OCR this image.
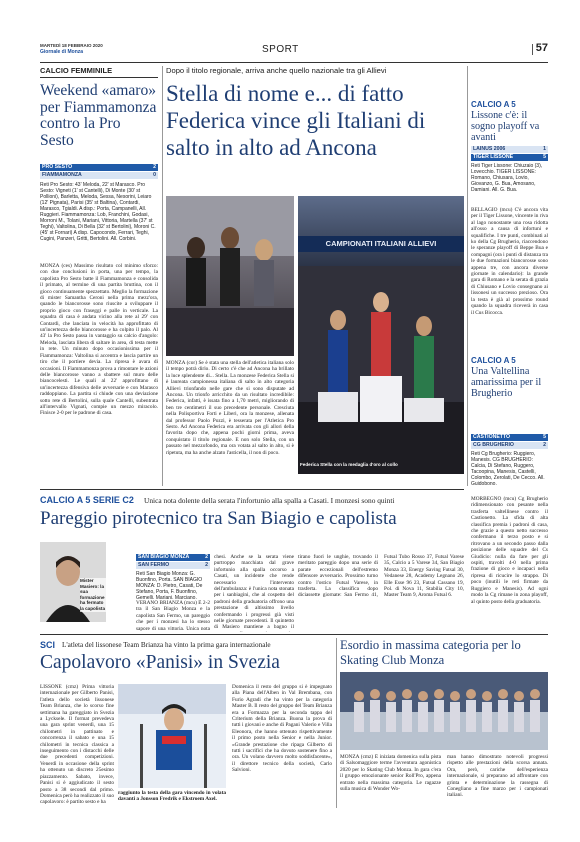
MARTEDÌ 18 FEBBRAIO 2020
Giornale di Monza	SPORT	57
CALCIO FEMMINILE
Weekend «amaro» per Fiammamonza contro la Pro Sesto
PRO SESTO	2
FIAMMAMONZA	0
Reti Pro Sesto: 43' Meloda, 22' st Marasco. Pro Sesto: Vigneti (1' st Cantelli), Di Monte (30' st Pollioni), Barletta, Meloda, Sessa, Nesorini, Leiaro (12' Pignata), Parisi (35' st Baltina), Contardi, Marasco, Tgialdi. A disp.: Porta, Campanelli, All. Ruggieri. Fiammamonza: Lob, Franchini, Godasi, Morroni M., Tolani, Mariani, Vittoria, Martella (37' st Teghi), Valtolina, Di Bella (32' st Bertolini), Moroni C. (45' st Fornari) A disp. Capocondo, Ferrari, Teghi, Cugini, Panzeri, Gritti, Bertolini. All. Corbini.
MONZA (ces) Massimo risultato col minimo sforzo: con due conclusioni in porta, una per tempo, la capolista Pro Sesto batte il Fiammamonza e consolida il primato, al termine di una partita bruttina, con il gioco continuamente spezzettato. Meglio la formazione di mister Samantha Ceroni nella prima mezz'ora, quando le biancorosse sono riuscite a sviluppare il proprio gioco con fraseggi e palle in verticale. La squadra di casa è andata vicino alla rete al 29' con Contardi, che lanciata in velocità ha approfittato di un'incertezza delle biancorosse e ha colpito il palo. Al 43' la Pro Sesto passa in vantaggio su calcio d'angolo: Meloda, lasciata libera di saltare in area, di testa mette in rete. Un minuto dopo occasionissima per il Fiammamonza: Valtolina si accentra e lascia partire un tiro che il portiere devia. La ripresa è avara di occasioni. Il Fiammamonza prova a rimontare le azioni delle biancorosse vanno a sbattere sul muro delle biancocelesti. Le quali al 22' approfittano di un'incertezza difensiva delle avversarie e con Marasco raddoppiano. La partita si chiude con una deviazione sotto rete di Bertolini, sulla quale Cantelli, subentrata all'intervallo Vignati, compie un mezzo miracolo. Finisce 2-0 per le padrone di casa.
Dopo il titolo regionale, arriva anche quello nazionale tra gli Allievi
Stella di nome e... di fatto Federica vince gli Italiani di salto in alto ad Ancona
CAMPIONATI ITALIANI ALLIEVI
Federica Stella con la medaglia d'oro al collo
MONZA (cor) Se è stata una stella dell'atletica italiana solo il tempo potrà dirlo. Di certo c'è che ad Ancona ha brillato la luce splendente di... Stella. La monzese Federica Stella si è laureata campionessa italiana di salto in alto categoria Allievi trionfando nelle gare che si sono disputate ad Ancona. Un trionfo arricchito da un risultato incredibile: Federica, infatti, è issata fino a 1,70 metri, migliorando di ben tre centimetri il suo precedente personale. Cresciuta nella Polisportiva Forti e Liberi, ora la monzese, allenata dal professor Paolo Pozzi, è tesserata per l'Atletica Pro Sesto. Ad Ancona Federica era arrivata con gli allori della favorita dopo che, appena pochi giorni prima, aveva conquistato il titolo regionale. E non solo Stella, con un passato nel mezzofondo, ma ora votata al salto in alto, si è ripetuta, ma ha anche alzato l'asticella, il non di poco.
CALCIO A 5
Lissone c'è: il sogno playoff va avanti
LAINUS 2006	1
TIGER LISSONE	5
Reti Tiger Lissone: Chiuzaio (3), Lovecchio. TIGER LISSONE: Romano, Chiusara, Lovio, Giovanzo, G. Bua, Amosano, Damiani. All. G. Bua.
BELLAGIO (mcu) C'è ancora vita per il Tiger Lissone, vincente in riva al lago nonostante una rosa ridotta all'osso a causa di infortuni e squalifiche. I tre punti, combinati al ko della Cg Brugherio, riaccendono le speranze playoff di Beppe Bua e compagni (ora i punti di distanza tra le due formazioni biancorosse sono appena tre, con ancora diverse giornate in calendario): la grande gara di Romano e la serata di grazia di Chiusano e Lovio consegnano ai lissonesi un successo prezioso. Ora la testa è già al prossimo round quando la squadra riceverà in casa il Cus Bicocca.
CALCIO A 5
Una Valtellina amarissima per il Brugherio
CASTIONETTO	5
CG BRUGHERIO	2
Reti Cg Brugherio: Ruggiero, Manesis. CG BRUGHERIO: Calcia, Di Stefano, Ruggero, Tacoopina, Manesis, Castelli, Colombo, Zerolati, De Cecco. All. Guidobono.
MORBEGNO (mcu) Cg Brugherio ridimensionato con pesante nella trasferta valtellinese contro il Castionetto. La sfida di alta classifica premia i padroni di casa, che grazie a questo netto successo confermano il terzo posto e si ritrovano a un secondo passo dalla posizione delle squadre del Cs Giudicio: nulla da fare per gli ospiti, travolti 4-0 nella prima frazione di gioco e incapaci nella ripresa di ricucire lo strappo. Di poco (inutili le reti firmate da Ruggiero e Manesis). Ad ogni modo la Cg rimane in zona playoff, al quinto posto della graduatoria.
CALCIO A 5 SERIE C2 Unica nota dolente della serata l'infortunio alla spalla a Casati. I monzesi sono quinti
Pareggio pirotecnico tra San Biagio e capolista
Mister Masiero: la sua formazione ha fermato la capolista
SAN BIAGIO MONZA	2
SAN FERMO	2
Reti San Biagio Monza: G. Buonfino, Porta. SAN BIAGIO MONZA: D. Pietro, Casati, De Stefano, Porta, F. Buonfino, Gemelli, Mariani, Marciano,
VERANO BRIANZA (mcu) È 2-2 tra il San Biagio Monza e la capolista San Fermo, un pareggio che per i monzesi ha lo stesso sapore di una vittoria. Unica nota
chesi. Anche se la serata viene purtroppo macchiata dal grave infortunio alla spalla occorso a Casati, un incidente che rende necessario l'intervento dell'ambulanza: è l'unica nota stonata per i sanbiagini, che al cospetto del padroni della graduatoria offrono una prestazione di altissimo livello confermando i progressi già visti nelle giornate precedenti. Il quintetto di Masiero mantiene a bagno il
tirano fuori le unghie, trovando il meritato pareggio dopo una serie di parate eccezionali dell'estremo difensore avversario. Prossimo turno contro l'ostico Futsal Varese, in trasferta. La classifica dopo diciassette giornate: San Fermo 41, Futsal Tubo Rosso 37, Futsal Varese 35, Calcio a 5 Varese 34, San Biagio Monza 33, Energy Saving Futsal 30, Vedanese 28, Academy Legnano 26, Elle Esse 96 23, Futsal Cassano 19, Pol. di Nova 11, Stabilia City 10, Master Team 9, Aroma Futsal 6.
SCI L'atleta del lissonese Team Brianza ha vinto la prima gara internazionale
Capolavoro «Panisi» in Svezia
LISSONE (cmz) Prima vittoria internazionale per Gilberto Panisi, l'atleta dello società lissonese Team Brianza, che lo scorso fine settimana ha gareggiato in Svezia a Lycksele. Il format prevedeva una gara sprint venerdì, una 15 chilometri in pattinato e concorrenza il sabato e una 15 chilometri in tecnica classica a inseguimento con i distacchi delle due precedenti competizioni. Venerdì in occasione della sprint ha ottenuto un discreto 25esimo piazzamento. Sabato, invece, Panisi si è aggiudicato il sesto posto a 38 secondi dal primo. Domenica però ha realizzato il suo capolavoro: è partito sesto e ha
raggiunto la testa della gara vincendo in volata davanti a Jonsson Fredrik e Ekstroem Axel.
Domenica il resto del gruppo si è impegnato alla Piana dell'Alben in Val Brembana, con Furio Agradi che ha vinto per la categoria Master B. Il resto del gruppo del Team Brianza era a Formazza per la seconda tappa del Criterium della Brianza. Buona la prova di tutti i giovani e anche di Pagani Valerio e Villa Eleonora, che hanno ottenuto rispettivamente il primo posto nella Senior e nella Junior. «Grande prestazione che ripaga Gilberto di tutti i sacrifici che ha dovuto sostenere fino a ora. Un volano davvero molto soddisfacente», il direttore tecnico della società, Carlo Salvioni.
Esordio in massima categoria per lo Skating Club Monza
MONZA (cmz) È iniziata domenica sulla pista di Salsomaggiore terme l'avventura agonistica 2020 per lo Skating Club Monza. In gara c'era il gruppo emozionante senior Roll'Pro, appena entrato nella massima categoria. Le ragazze sulla musica di Wonder Wo-
man hanno dimostrato notevoli progressi rispetto alle prestazioni della scorsa annata. Ora, però, cariche dell'esperienza internazionale, si preparano ad affrontare con grinta e determinazione la rassegna di Conegliano a fine marzo per i campionati italiani.
